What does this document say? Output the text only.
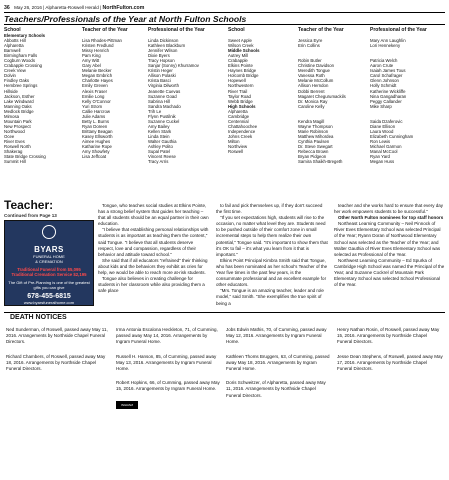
36 May 26, 2016 | Alpharetta-Roswell Herald | NorthFulton.com
Teachers/Professionals of the Year at North Fulton Schools
School
Elementary Schools
Abbotts Hill
Alpharetta
Barnwell
Birmingham Falls
Cogburn Woods
Crabapple Crossing
Creek View
Dolvin
Findley Oaks
Hembree Springs
Hillside
Jackson, Esther
Lake Windward
Manning Oaks
Medlock Bridge
Mimosa
Mountain Park
New Prospect
Northwood
Ocee
River Eves
Roswell North
Shakerag
State Bridge Crossing
Summit Hill
Teacher of the Year

Lisa Rhodes-Pittman
Kristen Fredlund
Missy Henrich
Pam King
Amy Witt
Gary Abel
Melanie Becker
Megan Embrich
Charlotte Hayes
Emily Greven
Alexis Fraser
Emilie Long
Kelly O'Connor
Yuri Strom
Callie Harcrow
Julie Adams
Betty L. Burns
Ryan Doreen
Brittany Beagan
Kasey Ellsworth
Aimee Hughes
Katharine Rope
Amy Showfety
Lisa Jeffcoat
Professional of the Year

Linda Dickinson
Kathleen Blackburn
Jennifer Wilson
Dixie Byers
Tracy Hopson
Sanjar (Sonny) Khurramov
Kristin Heger
Allison Polaski
Krista Basci
Virginia Dilworth
Jeanette Cuevas
Suzanne Goad
Sabrina Hill
Sandra Machado
Trih Le
Flynn Pustilnik
Suzanne Cuckel
Amy Bailey
Kellen Stark
Linda Stein
Walter Gauthia
Ashley Polito
Supal Patel
Vincent Reese
Tracy Arris
School

Sweet Apple
Wilson Creek
Middle Schools
Autrey Mill
Crabapple
Elkins Pointe
Haynes Bridge
Holcomb Bridge
Hopewell
Northwestern
River Trail
Taylor Road
Webb Bridge
High Schools
Alpharetta
Cambridge
Centennial
Chattahoochee
Independence
Johns Creek
Milton
Northview
Roswell
Teacher of the Year

Jessica Eyre
Erin Collins

Robin Butler
Christine Davidson
Meredith Tongue
Vanessa Roth
Melanie McCollum
Allison Herndon
Dobbi Berrent
Magaret Chegurumackils
Dr. Monica Ray
Caroline Kelly

Kendra Magill
Wayne Thompson
Marie Robinson
Matthew Mihordea
Cynthia Paulsen
Dr. Steve Swegart
Rebecca Brown
Bryan Pidgeon
Samira Shaikh-Bregeth
Professional of the Year

Mary Ann Laughlin
Lori Hennekeny

Patricia Welch
Aaron Crute
Isaiah James Tous
Carol Schafrager
Glenn Johnson
Holly Schmidt
Katherine Wickliffe
Nina Gangadharan
Peggy Callander
Mike Sharp

Saida Dzaferovic
Diane Ellison
Laura Wood
Elizabeth Cunningham
Ron Lewis
Michael Garmon
Manal McCool
Ryan Yard
Megan Huss
Teacher:
Continued from Page 13
BYARS
FUNERAL HOME
& CREMATION
Traditional Funeral from $5,095 Traditional Cremation Service $2,195
The Gift of Pre-Planning is one of the greatest gifts you can give
678-455-6815
www.byarsfuneralhome.com

Tongue, who teaches social studies at Elkins Pointe, has a strong belief system that guides her teaching – that all students should be an equal partner in their own education.

"I believe that establishing personal relationships with students is as important as teaching them the content," said Tongue. "I believe that all students deserve respect, love and compassion, regardless of their behavior and attitude toward school."

She said that if all educators "refrained" their thinking about kids and the behaviors they exhibit as cries for help, we would be able to reach more at-risk students.

Tongue also believes in creating challenge for students in her classroom while also providing them a safe place

to fail and pick themselves up, if they don't succeed the first time.

"If you set expectations high, students will rise to the occasion, no matter what level they are. Students need to be pushed outside of their comfort zone in small incremental steps to help them realize their own potential," Tongue said. "It's important to show them that it's OK to fail – it's what you learn from it that is important."

Elkins Point Principal Kimbra Smith said that Tongue, who has been nominated as her school's Teacher of the Year five times in the past few years, is the consummate professional and an excellent example for other educators.

"Mrs. Tongue is an amazing teacher, leader and role model," said Smith. "She exemplifies the true spirit of being a

teacher and she works hard to ensure that every day her work empowers students to be successful."

Other North Fulton nominees for top staff honors

Northeast Learning Community – Neil Pinnock of River Eves Elementary School was selected Principal of the Year; Ryann Doran of Northwood Elementary School was selected as the Teacher of the Year; and Walter Gauthia of River Eves Elementary School was selected as Professional of the Year.

Northwest Learning Community – Ed Spurka of Cambridge High School was named the Principal of the Year; and Suzanne Cockrel of Mountain Park Elementary School was selected School Professional of the Year.

DEATH NOTICES

Ned Sunderman, of Roswell, passed away May 11, 2016. Arrangements by Northside Chapel Funeral Directors.

Richard Chambers, of Roswell, passed away May 18, 2016. Arrangements by Northside Chapel Funeral Directors.

Irma Antonia Escalona Heckleton, 71, of Cumming, passed away May 14, 2016. Arrangements by Ingram Funeral Home.

Russell H. Hanson, 85, of Cumming, passed away May 13, 2016. Arrangements by Ingram Funeral Home.

Robert Hopkins, 66, of Cumming, passed away May 15, 2016. Arrangements by Ingram Funeral Home.

INGRAM FUNERAL HOME

Jobs Edwin Mathis, 70, of Cumming, passed away May 12, 2016. Arrangements by Ingram Funeral Home.

Kathleen Thoms Bruggers, 63, of Cumming, passed away May 18, 2016. Arrangements by Ingram Funeral Home.

Doris Schweitzer, of Alpharetta, passed away May 11, 2016. Arrangements by Northside Chapel Funeral Directors.

Henry Nathan Rosin, of Roswell, passed away May 15, 2016. Arrangements by Northside Chapel Funeral Directors.

Jesse Dean Stephens, of Roswell, passed away May 17, 2016. Arrangements by Northside Chapel Funeral Directors.
